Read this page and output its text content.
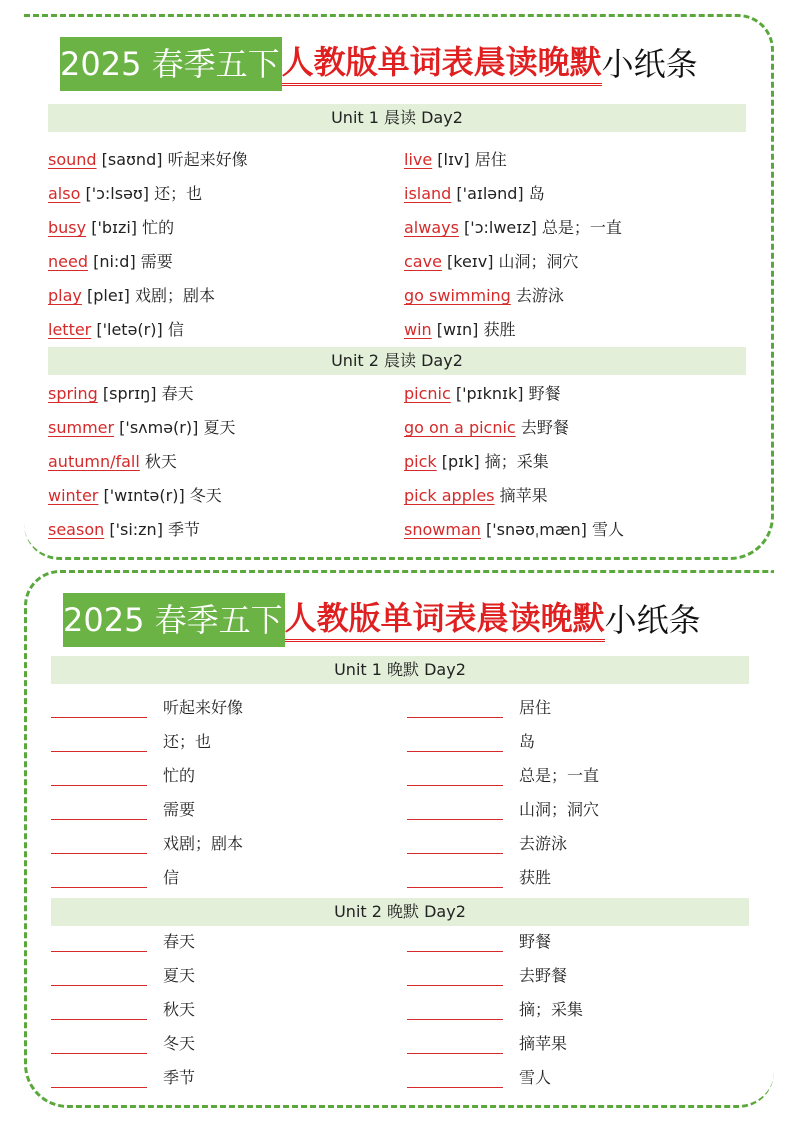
2025 春季五下 人教版单词表晨读晚默 小纸条
Unit 1 晨读 Day2
sound [saʊnd] 听起来好像	live [lɪv] 居住
also ['ɔ:lsəʊ] 还；也	island ['aɪlənd] 岛
busy ['bɪzi] 忙的	always ['ɔ:lweɪz] 总是；一直
need [ni:d] 需要	cave [keɪv] 山洞；洞穴
play [pleɪ] 戏剧；剧本	go swimming 去游泳
letter ['letə(r)] 信	win [wɪn] 获胜
Unit 2 晨读 Day2
spring [sprɪŋ] 春天	picnic ['pɪknɪk] 野餐
summer ['sʌmə(r)] 夏天	go on a picnic 去野餐
autumn/fall 秋天	pick [pɪk] 摘；采集
winter ['wɪntə(r)] 冬天	pick apples 摘苹果
season ['si:zn] 季节	snowman ['snəʊˌmæn] 雪人
2025 春季五下 人教版单词表晨读晚默 小纸条
Unit 1 晚默 Day2
听起来好像	居住
还；也	岛
忙的	总是；一直
需要	山洞；洞穴
戏剧；剧本	去游泳
信	获胜
Unit 2 晚默 Day2
春天	野餐
夏天	去野餐
秋天	摘；采集
冬天	摘苹果
季节	雪人
